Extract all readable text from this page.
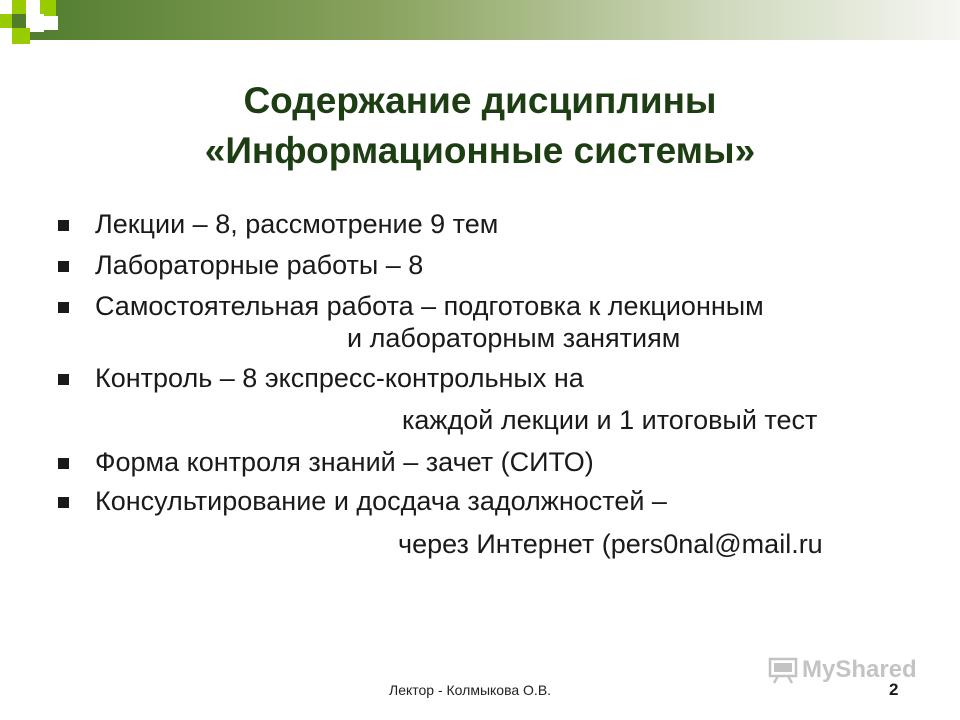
Содержание дисциплины
«Информационные системы»
Лекции – 8, рассмотрение 9 тем
Лабораторные работы – 8
Самостоятельная работа – подготовка к лекционным
и лабораторным занятиям
Контроль – 8 экспресс-контрольных на
каждой лекции и 1 итоговый тест
Форма контроля знаний – зачет (СИТО)
Консультирование и досдача задолжностей –
через Интернет (pers0nal@mail.ru
MyShared
Лектор - Колмыкова О.В.	2
